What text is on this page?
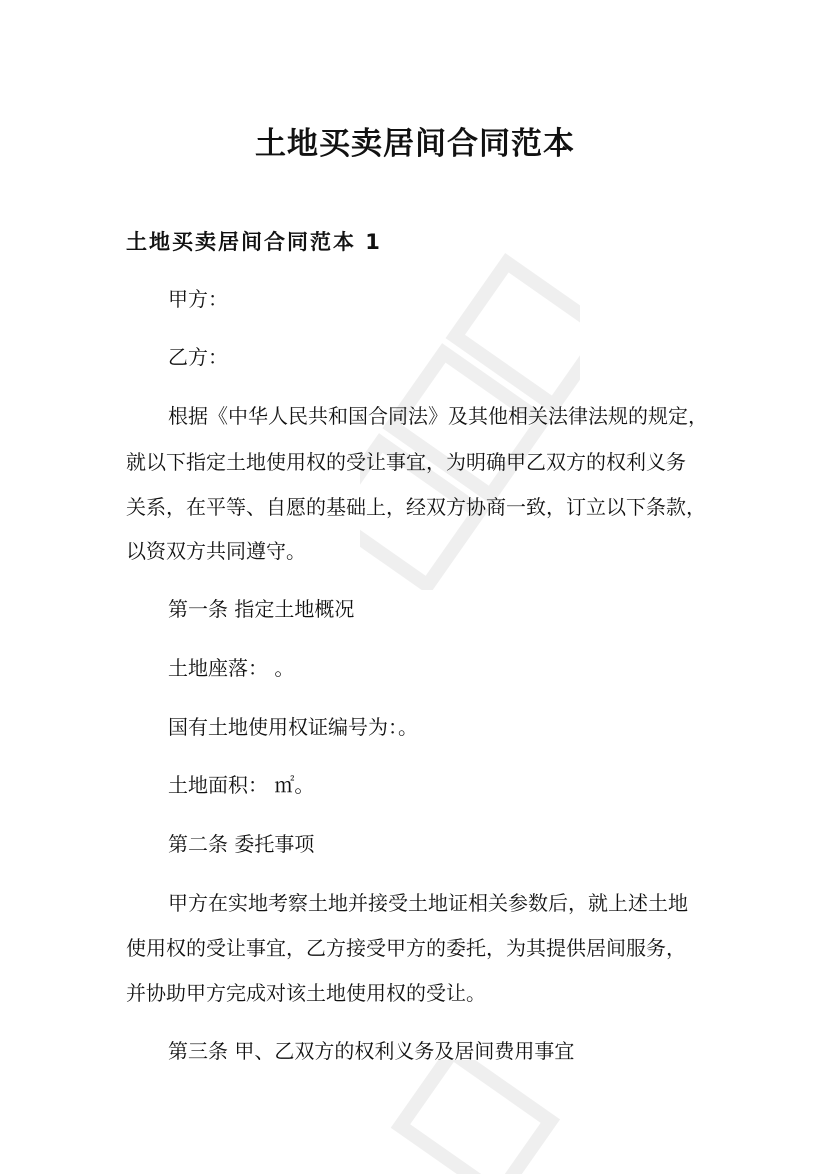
土地买卖居间合同范本
土地买卖居间合同范本 1
甲方：
乙方：
根据《中华人民共和国合同法》及其他相关法律法规的规定，
就以下指定土地使用权的受让事宜，为明确甲乙双方的权利义务
关系，在平等、自愿的基础上，经双方协商一致，订立以下条款，
以资双方共同遵守。
第一条 指定土地概况
土地座落： 。
国有土地使用权证编号为：。
土地面积： ㎡。
第二条 委托事项
甲方在实地考察土地并接受土地证相关参数后，就上述土地
使用权的受让事宜，乙方接受甲方的委托，为其提供居间服务，
并协助甲方完成对该土地使用权的受让。
第三条 甲、乙双方的权利义务及居间费用事宜
